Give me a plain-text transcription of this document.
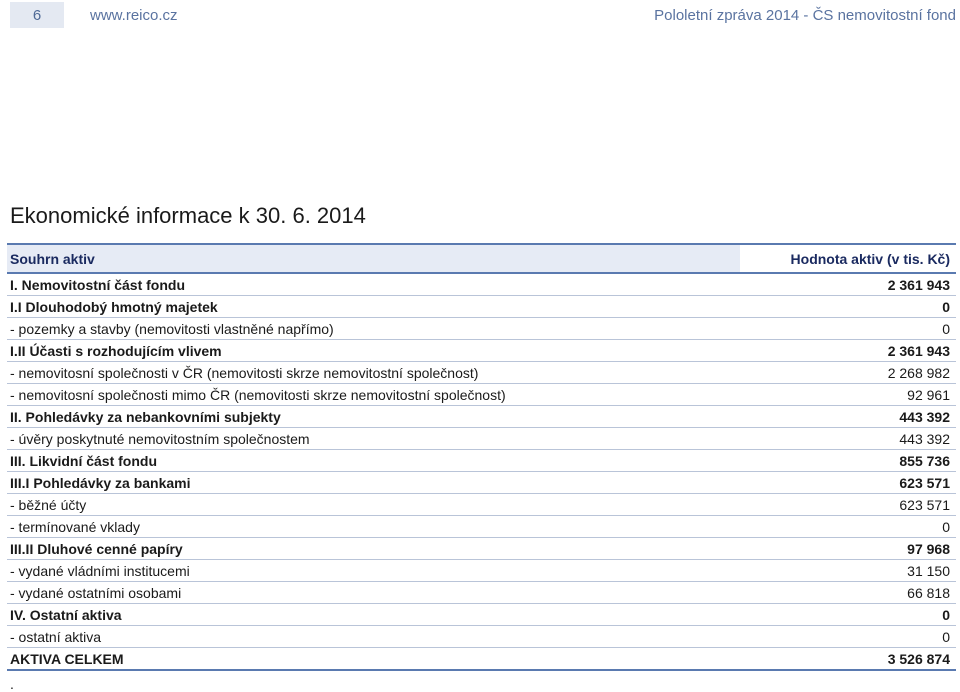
6	www.reico.cz	Pololetní zpráva 2014 - ČS nemovitostní fond
Ekonomické informace k 30. 6. 2014
Souhrn aktiv	Hodnota aktiv (v tis. Kč)
I. Nemovitostní část fondu	2 361 943
I.I Dlouhodobý hmotný majetek	0
- pozemky a stavby (nemovitosti vlastněné napřímo)	0
I.II Účasti s rozhodujícím vlivem	2 361 943
- nemovitosní společnosti v ČR (nemovitosti skrze nemovitostní společnost)	2 268 982
- nemovitosní společnosti mimo ČR (nemovitosti skrze nemovitostní společnost)	92 961
II. Pohledávky za nebankovními subjekty	443 392
- úvěry poskytnuté nemovitostním společnostem	443 392
III. Likvidní část fondu	855 736
III.I Pohledávky za bankami	623 571
- běžné účty	623 571
- termínované vklady	0
III.II Dluhové cenné papíry	97 968
- vydané vládními institucemi	31 150
- vydané ostatními osobami	66 818
IV. Ostatní aktiva	0
- ostatní aktiva	0
AKTIVA CELKEM	3 526 874
.
